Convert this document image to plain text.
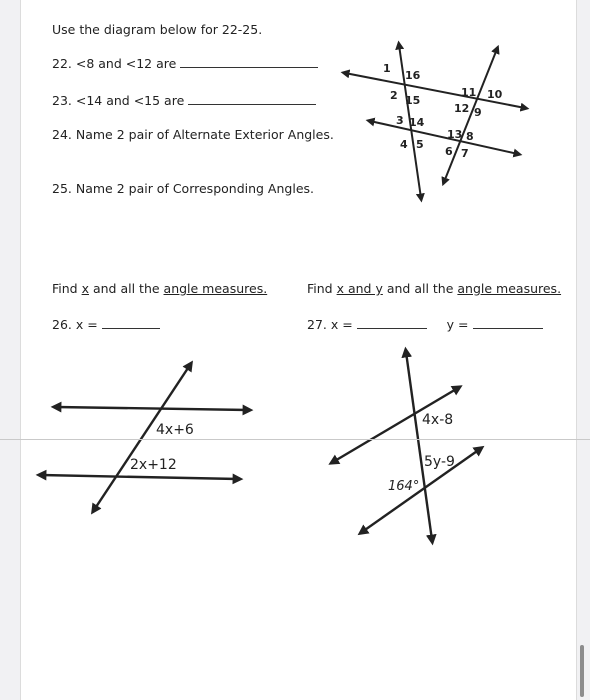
Use the diagram below for 22-25.
22. <8 and <12 are
23. <14 and <15 are
24. Name 2 pair of Alternate Exterior Angles.
25. Name 2 pair of Corresponding Angles.
Find x and all the angle measures.
26. x =
Find x and y and all the angle measures.
27. x =	y =
1
16
2 15
3 14
4 5
11 10
12 9
13 8
6 7
4x+6
2x+12
4x-8
5y-9
164°
